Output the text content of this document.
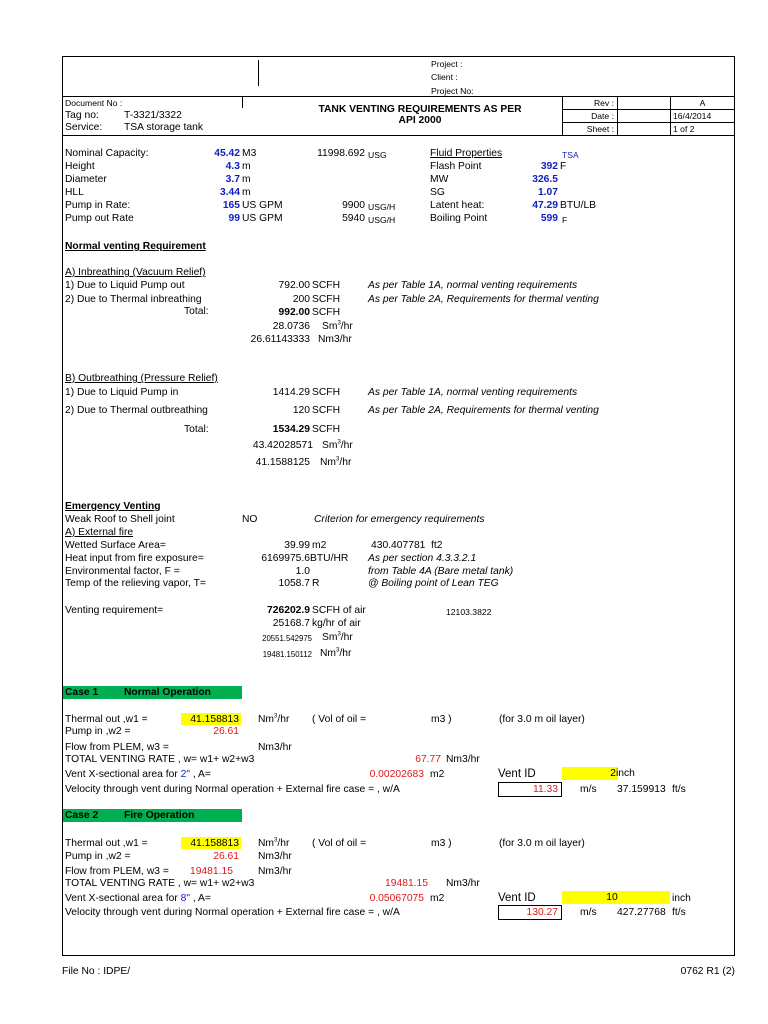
Project :
Client :
Project No:
Document No :
Tag no: T-3321/3322
Service: TSA storage tank
TANK VENTING REQUIREMENTS AS PER
API 2000
Rev :	A
Date :	16/4/2014
Sheet :	1 of 2
Nominal Capacity:	45.42 M3	11998.692 USG
Height	4.3 m
Diameter	3.7 m
HLL	3.44 m
Pump in Rate:	165 US GPM	9900 USG/H
Pump out Rate	99 US GPM	5940 USG/H
Fluid Properties	TSA
Flash Point	392 F
MW	326.5
SG	1.07
Latent heat:	47.29 BTU/LB
Boiling Point	599 F
Normal venting Requirement
A) Inbreathing (Vacuum Relief)
1) Due to Liquid Pump out	792.00 SCFH	As per Table 1A, normal venting requirements
2) Due to Thermal inbreathing	200 SCFH	As per Table 2A, Requirements for thermal venting
Total:	992.00 SCFH
28.0736 Sm$^3$/hr
26.61143333 Nm3/hr
B) Outbreathing (Pressure Relief)
1) Due to Liquid Pump in	1414.29 SCFH	As per Table 1A, normal venting requirements
2) Due to Thermal outbreathing	120 SCFH	As per Table 2A, Requirements for thermal venting
Total:	1534.29 SCFH
43.42028571 Sm$^3$/hr
41.1588125 Nm$^3$/hr
Emergency Venting
Weak Roof to Shell joint	NO	Criterion for emergency requirements
A) External fire
Wetted Surface Area=	39.99 m2	430.407781 ft2
Heat input from fire exposure=	6169975.6 BTU/HR As per section 4.3.3.2.1
Environmental factor, F =	1.0	from Table 4A (Bare metal tank)
Temp of the relieving vapor, T=	1058.7 R	@ Boiling point of Lean TEG
Venting requirement=	726202.9 SCFH of air	12103.3822
25168.7 kg/hr of air
20551.542975 Sm$^3$/hr
19481.150112 Nm$^3$/hr
Case 1	Normal Operation
Thermal out ,w1 =	41.158813 Nm$^3$/hr ( Vol of oil =	m3 )	(for 3.0 m oil layer)
Pump in ,w2 =	26.61
Flow from PLEM, w3 =	Nm3/hr
TOTAL VENTING RATE , w= w1+ w2+w3	67.77 Nm3/hr
Vent X-sectional area for 2" , A=	0.00202683 m2	Vent ID	2 inch
Velocity through vent during Normal operation + External fire case = , w/A	11.33 m/s 37.159913 ft/s
Case 2	Fire Operation
Thermal out ,w1 =	41.158813 Nm$^3$/hr ( Vol of oil =	m3 )	(for 3.0 m oil layer)
Pump in ,w2 =	26.61 Nm3/hr
Flow from PLEM, w3 = 19481.15 Nm3/hr
TOTAL VENTING RATE , w= w1+ w2+w3	19481.15 Nm3/hr
Vent X-sectional area for 8" , A=	0.05067075 m2	Vent ID	10	inch
Velocity through vent during Normal operation + External fire case = , w/A	130.27 m/s 427.27768 ft/s
File No : IDPE/	0762 R1 (2)
